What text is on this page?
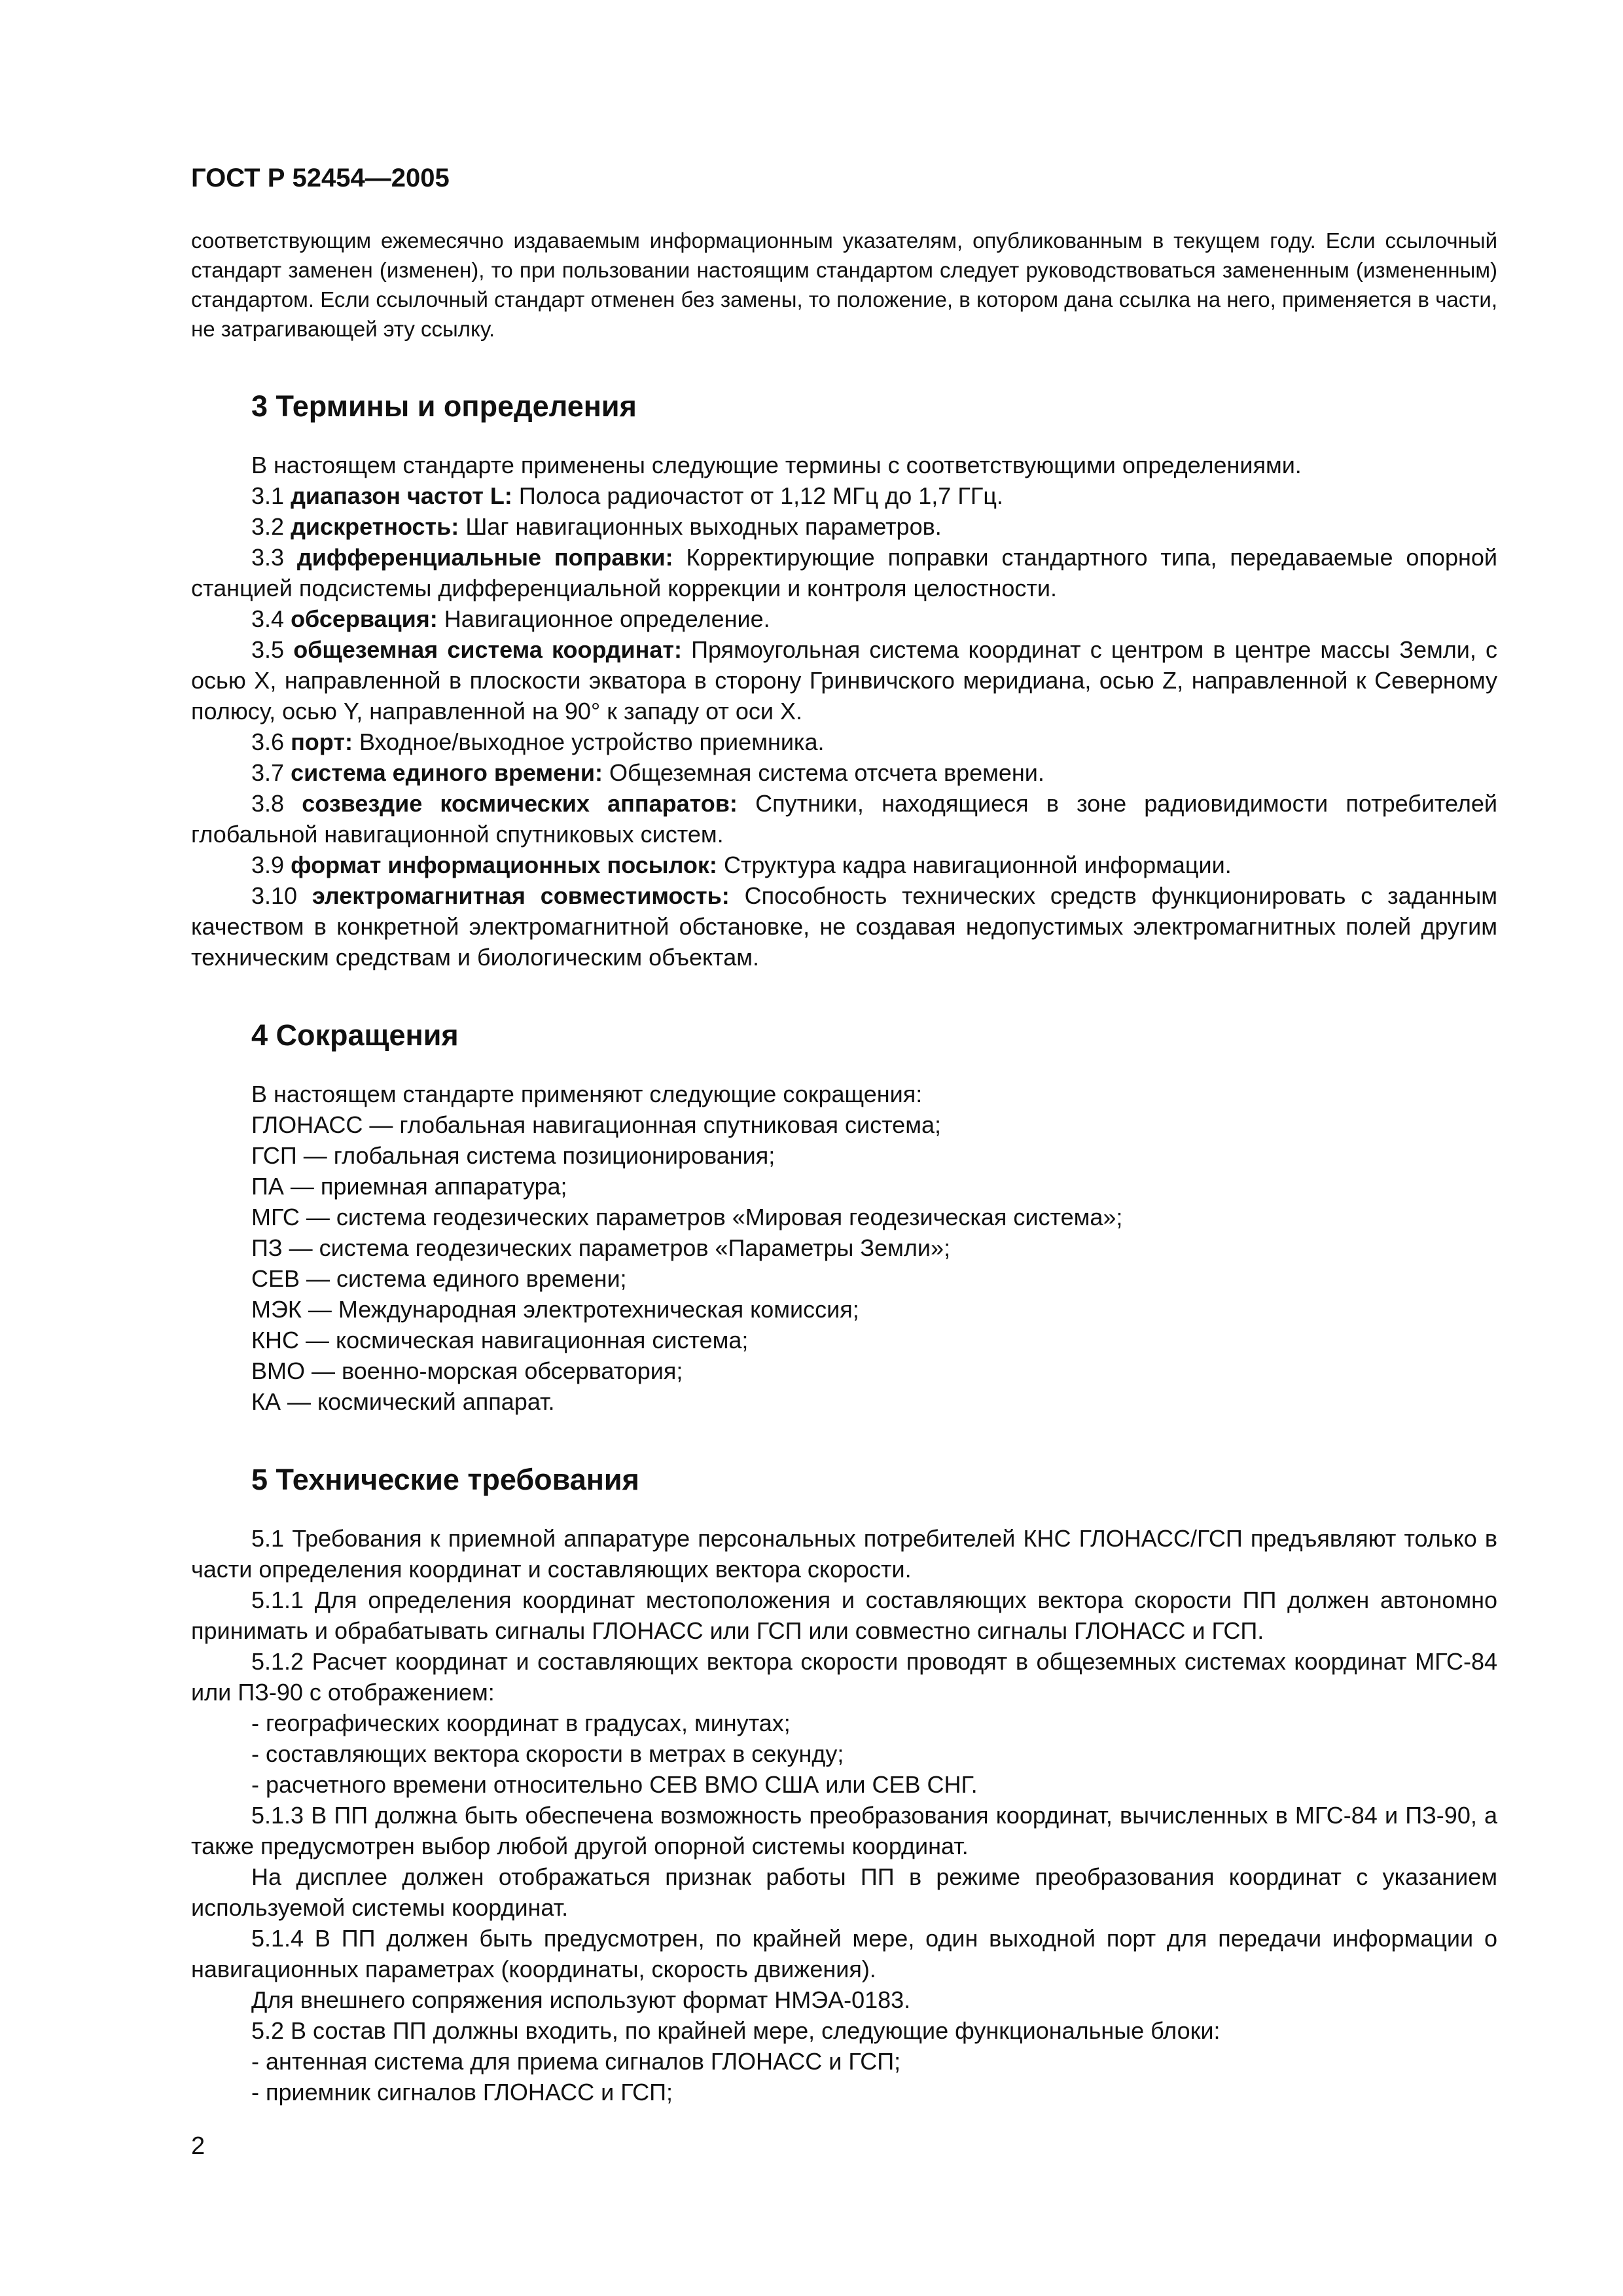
ГОСТ Р 52454—2005

соответствующим ежемесячно издаваемым информационным указателям, опубликованным в текущем году. Если ссылочный стандарт заменен (изменен), то при пользовании настоящим стандартом следует руководствоваться замененным (измененным) стандартом. Если ссылочный стандарт отменен без замены, то положение, в котором дана ссылка на него, применяется в части, не затрагивающей эту ссылку.

3 Термины и определения

В настоящем стандарте применены следующие термины с соответствующими определениями.

3.1 диапазон частот L: Полоса радиочастот от 1,12 МГц до 1,7 ГГц.

3.2 дискретность: Шаг навигационных выходных параметров.

3.3 дифференциальные поправки: Корректирующие поправки стандартного типа, передаваемые опорной станцией подсистемы дифференциальной коррекции и контроля целостности.

3.4 обсервация: Навигационное определение.

3.5 общеземная система координат: Прямоугольная система координат с центром в центре массы Земли, с осью X, направленной в плоскости экватора в сторону Гринвичского меридиана, осью Z, направленной к Северному полюсу, осью Y, направленной на 90° к западу от оси X.

3.6 порт: Входное/выходное устройство приемника.

3.7 система единого времени: Общеземная система отсчета времени.

3.8 созвездие космических аппаратов: Спутники, находящиеся в зоне радиовидимости потребителей глобальной навигационной спутниковых систем.

3.9 формат информационных посылок: Структура кадра навигационной информации.

3.10 электромагнитная совместимость: Способность технических средств функционировать с заданным качеством в конкретной электромагнитной обстановке, не создавая недопустимых электромагнитных полей другим техническим средствам и биологическим объектам.

4 Сокращения

В настоящем стандарте применяют следующие сокращения:

ГЛОНАСС — глобальная навигационная спутниковая система;

ГСП — глобальная система позиционирования;

ПА — приемная аппаратура;

МГС — система геодезических параметров «Мировая геодезическая система»;

ПЗ — система геодезических параметров «Параметры Земли»;

СЕВ — система единого времени;

МЭК — Международная электротехническая комиссия;

КНС — космическая навигационная система;

ВМО — военно-морская обсерватория;

КА — космический аппарат.

5 Технические требования

5.1 Требования к приемной аппаратуре персональных потребителей КНС ГЛОНАСС/ГСП предъявляют только в части определения координат и составляющих вектора скорости.

5.1.1 Для определения координат местоположения и составляющих вектора скорости ПП должен автономно принимать и обрабатывать сигналы ГЛОНАСС или ГСП или совместно сигналы ГЛОНАСС и ГСП.

5.1.2 Расчет координат и составляющих вектора скорости проводят в общеземных системах координат МГС-84 или ПЗ-90 с отображением:

- географических координат в градусах, минутах;

- составляющих вектора скорости в метрах в секунду;

- расчетного времени относительно СЕВ ВМО США или СЕВ СНГ.

5.1.3 В ПП должна быть обеспечена возможность преобразования координат, вычисленных в МГС-84 и ПЗ-90, а также предусмотрен выбор любой другой опорной системы координат.

На дисплее должен отображаться признак работы ПП в режиме преобразования координат с указанием используемой системы координат.

5.1.4 В ПП должен быть предусмотрен, по крайней мере, один выходной порт для передачи информации о навигационных параметрах (координаты, скорость движения).

Для внешнего сопряжения используют формат НМЭА-0183.

5.2 В состав ПП должны входить, по крайней мере, следующие функциональные блоки:

- антенная система для приема сигналов ГЛОНАСС и ГСП;

- приемник сигналов ГЛОНАСС и ГСП;

2
